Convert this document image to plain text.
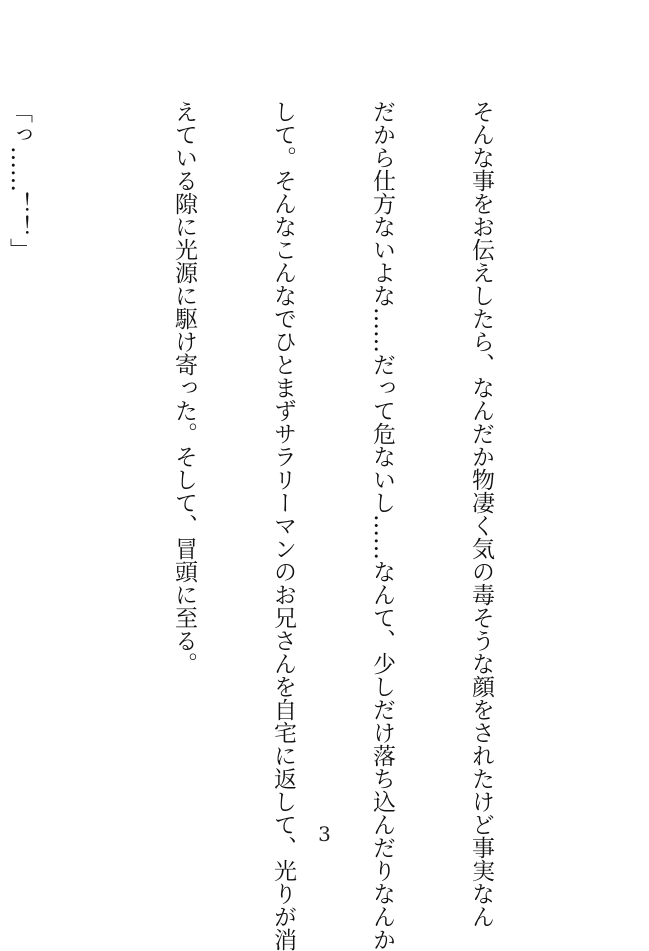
そんな事をお伝えしたら、なんだか物凄く気の毒そうな顔をされたけど事実なん

だから仕方ないよな……だって危ないし……なんて、少しだけ落ち込んだりなんか

して。そんなこんなでひとまずサラリーマンのお兄さんを自宅に返して、光りが消

えている隙に光源に駆け寄った。そして、冒頭に至る。

「っ……！！」

3
